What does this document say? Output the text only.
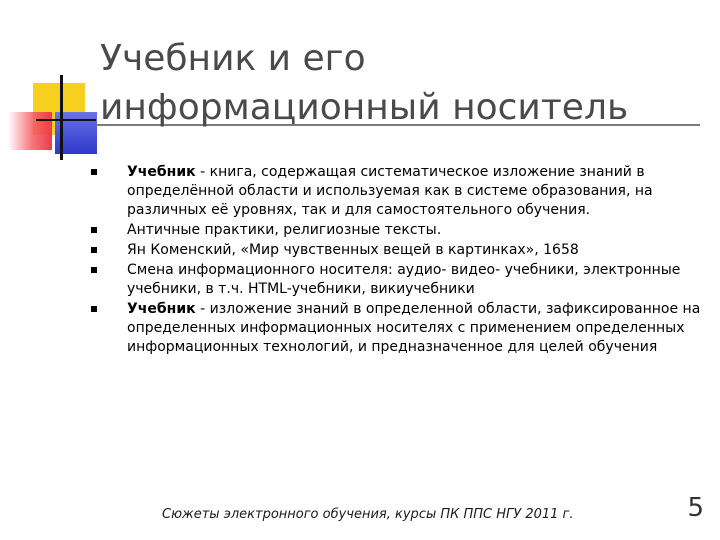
Учебник и его информационный носитель
Учебник - книга, содержащая систематическое изложение знаний в определённой области и используемая как в системе образования, на различных её уровнях, так и для самостоятельного обучения.
Античные практики, религиозные тексты.
Ян Коменский, «Мир чувственных вещей в картинках», 1658
Смена информационного носителя: аудио- видео- учебники, электронные учебники, в т.ч. HTML-учебники, викиучебники
Учебник - изложение знаний в определенной области, зафиксированное на определенных информационных носителях с применением определенных информационных технологий, и предназначенное для целей обучения
Сюжеты электронного обучения, курсы ПК ППС НГУ 2011 г.	5
